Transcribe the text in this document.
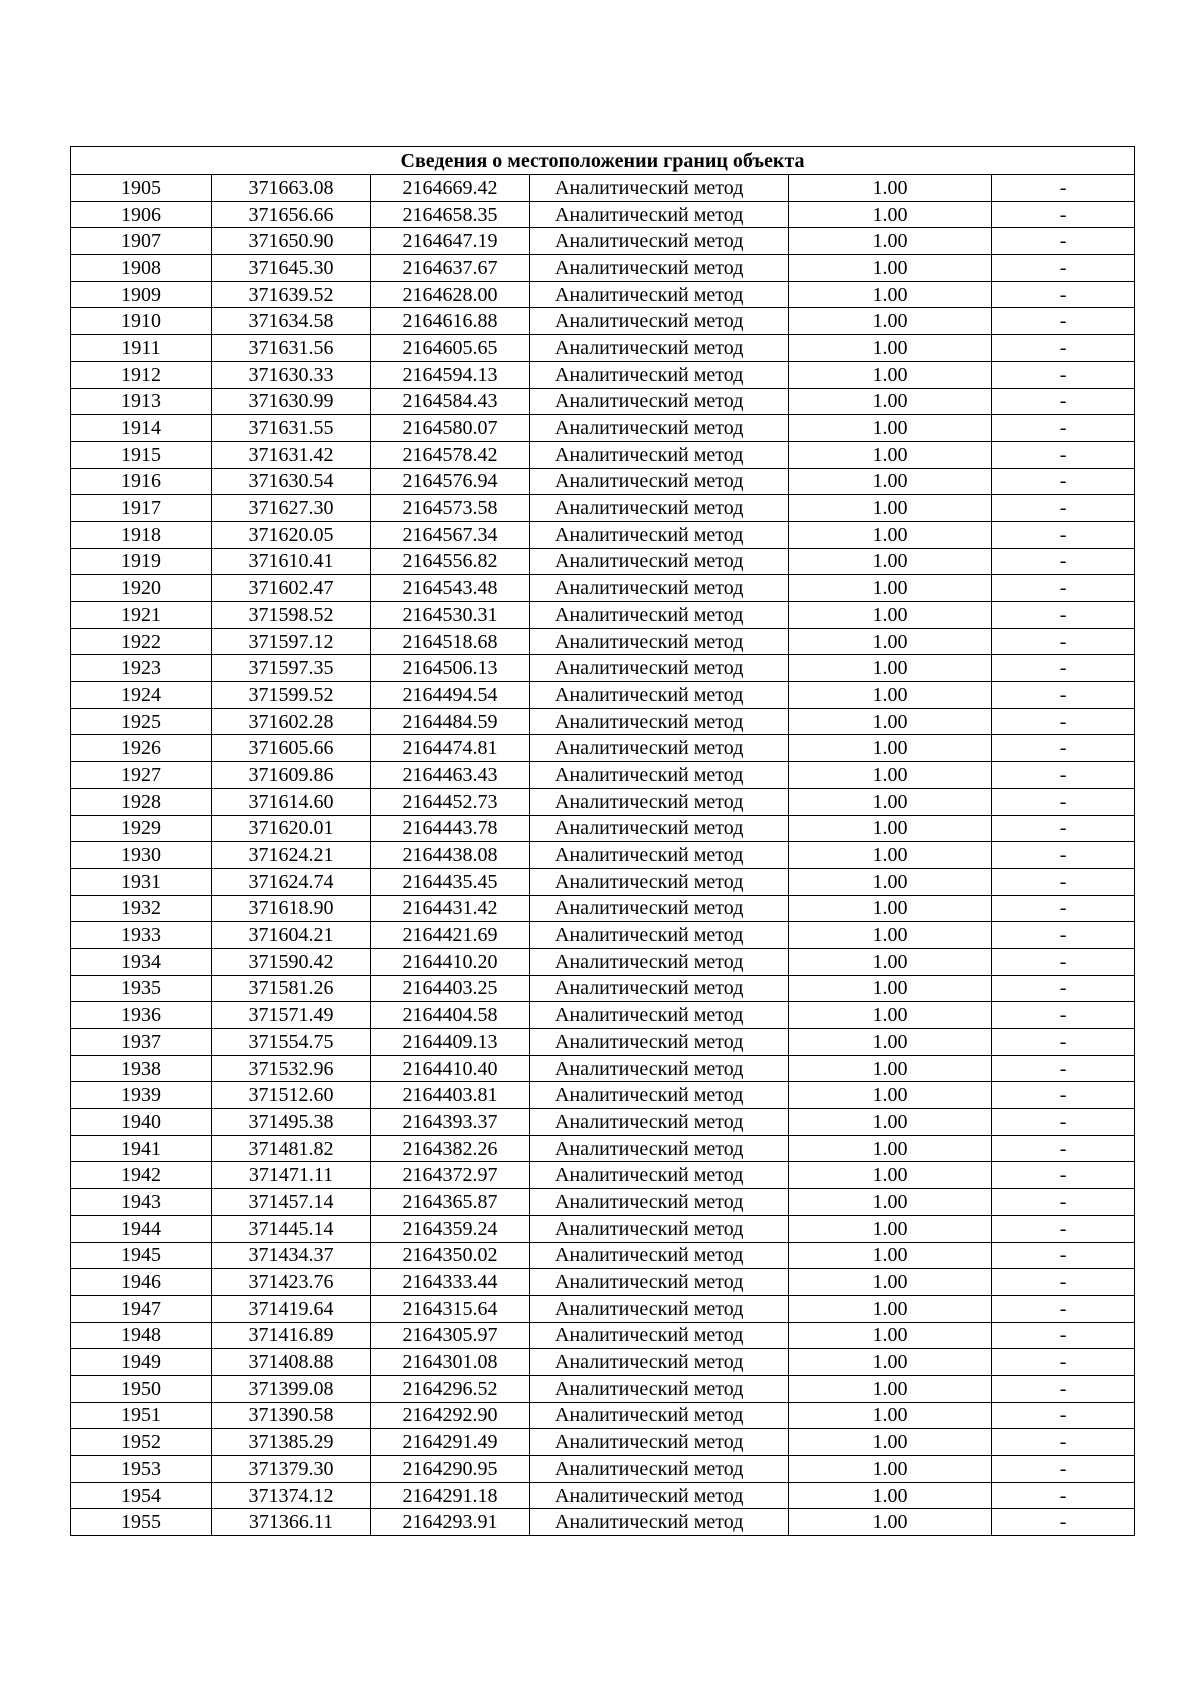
Сведения о местоположении границ объекта					
1905	371663.08	2164669.42	Аналитический метод	1.00	-
1906	371656.66	2164658.35	Аналитический метод	1.00	-
1907	371650.90	2164647.19	Аналитический метод	1.00	-
1908	371645.30	2164637.67	Аналитический метод	1.00	-
1909	371639.52	2164628.00	Аналитический метод	1.00	-
1910	371634.58	2164616.88	Аналитический метод	1.00	-
1911	371631.56	2164605.65	Аналитический метод	1.00	-
1912	371630.33	2164594.13	Аналитический метод	1.00	-
1913	371630.99	2164584.43	Аналитический метод	1.00	-
1914	371631.55	2164580.07	Аналитический метод	1.00	-
1915	371631.42	2164578.42	Аналитический метод	1.00	-
1916	371630.54	2164576.94	Аналитический метод	1.00	-
1917	371627.30	2164573.58	Аналитический метод	1.00	-
1918	371620.05	2164567.34	Аналитический метод	1.00	-
1919	371610.41	2164556.82	Аналитический метод	1.00	-
1920	371602.47	2164543.48	Аналитический метод	1.00	-
1921	371598.52	2164530.31	Аналитический метод	1.00	-
1922	371597.12	2164518.68	Аналитический метод	1.00	-
1923	371597.35	2164506.13	Аналитический метод	1.00	-
1924	371599.52	2164494.54	Аналитический метод	1.00	-
1925	371602.28	2164484.59	Аналитический метод	1.00	-
1926	371605.66	2164474.81	Аналитический метод	1.00	-
1927	371609.86	2164463.43	Аналитический метод	1.00	-
1928	371614.60	2164452.73	Аналитический метод	1.00	-
1929	371620.01	2164443.78	Аналитический метод	1.00	-
1930	371624.21	2164438.08	Аналитический метод	1.00	-
1931	371624.74	2164435.45	Аналитический метод	1.00	-
1932	371618.90	2164431.42	Аналитический метод	1.00	-
1933	371604.21	2164421.69	Аналитический метод	1.00	-
1934	371590.42	2164410.20	Аналитический метод	1.00	-
1935	371581.26	2164403.25	Аналитический метод	1.00	-
1936	371571.49	2164404.58	Аналитический метод	1.00	-
1937	371554.75	2164409.13	Аналитический метод	1.00	-
1938	371532.96	2164410.40	Аналитический метод	1.00	-
1939	371512.60	2164403.81	Аналитический метод	1.00	-
1940	371495.38	2164393.37	Аналитический метод	1.00	-
1941	371481.82	2164382.26	Аналитический метод	1.00	-
1942	371471.11	2164372.97	Аналитический метод	1.00	-
1943	371457.14	2164365.87	Аналитический метод	1.00	-
1944	371445.14	2164359.24	Аналитический метод	1.00	-
1945	371434.37	2164350.02	Аналитический метод	1.00	-
1946	371423.76	2164333.44	Аналитический метод	1.00	-
1947	371419.64	2164315.64	Аналитический метод	1.00	-
1948	371416.89	2164305.97	Аналитический метод	1.00	-
1949	371408.88	2164301.08	Аналитический метод	1.00	-
1950	371399.08	2164296.52	Аналитический метод	1.00	-
1951	371390.58	2164292.90	Аналитический метод	1.00	-
1952	371385.29	2164291.49	Аналитический метод	1.00	-
1953	371379.30	2164290.95	Аналитический метод	1.00	-
1954	371374.12	2164291.18	Аналитический метод	1.00	-
1955	371366.11	2164293.91	Аналитический метод	1.00	-
